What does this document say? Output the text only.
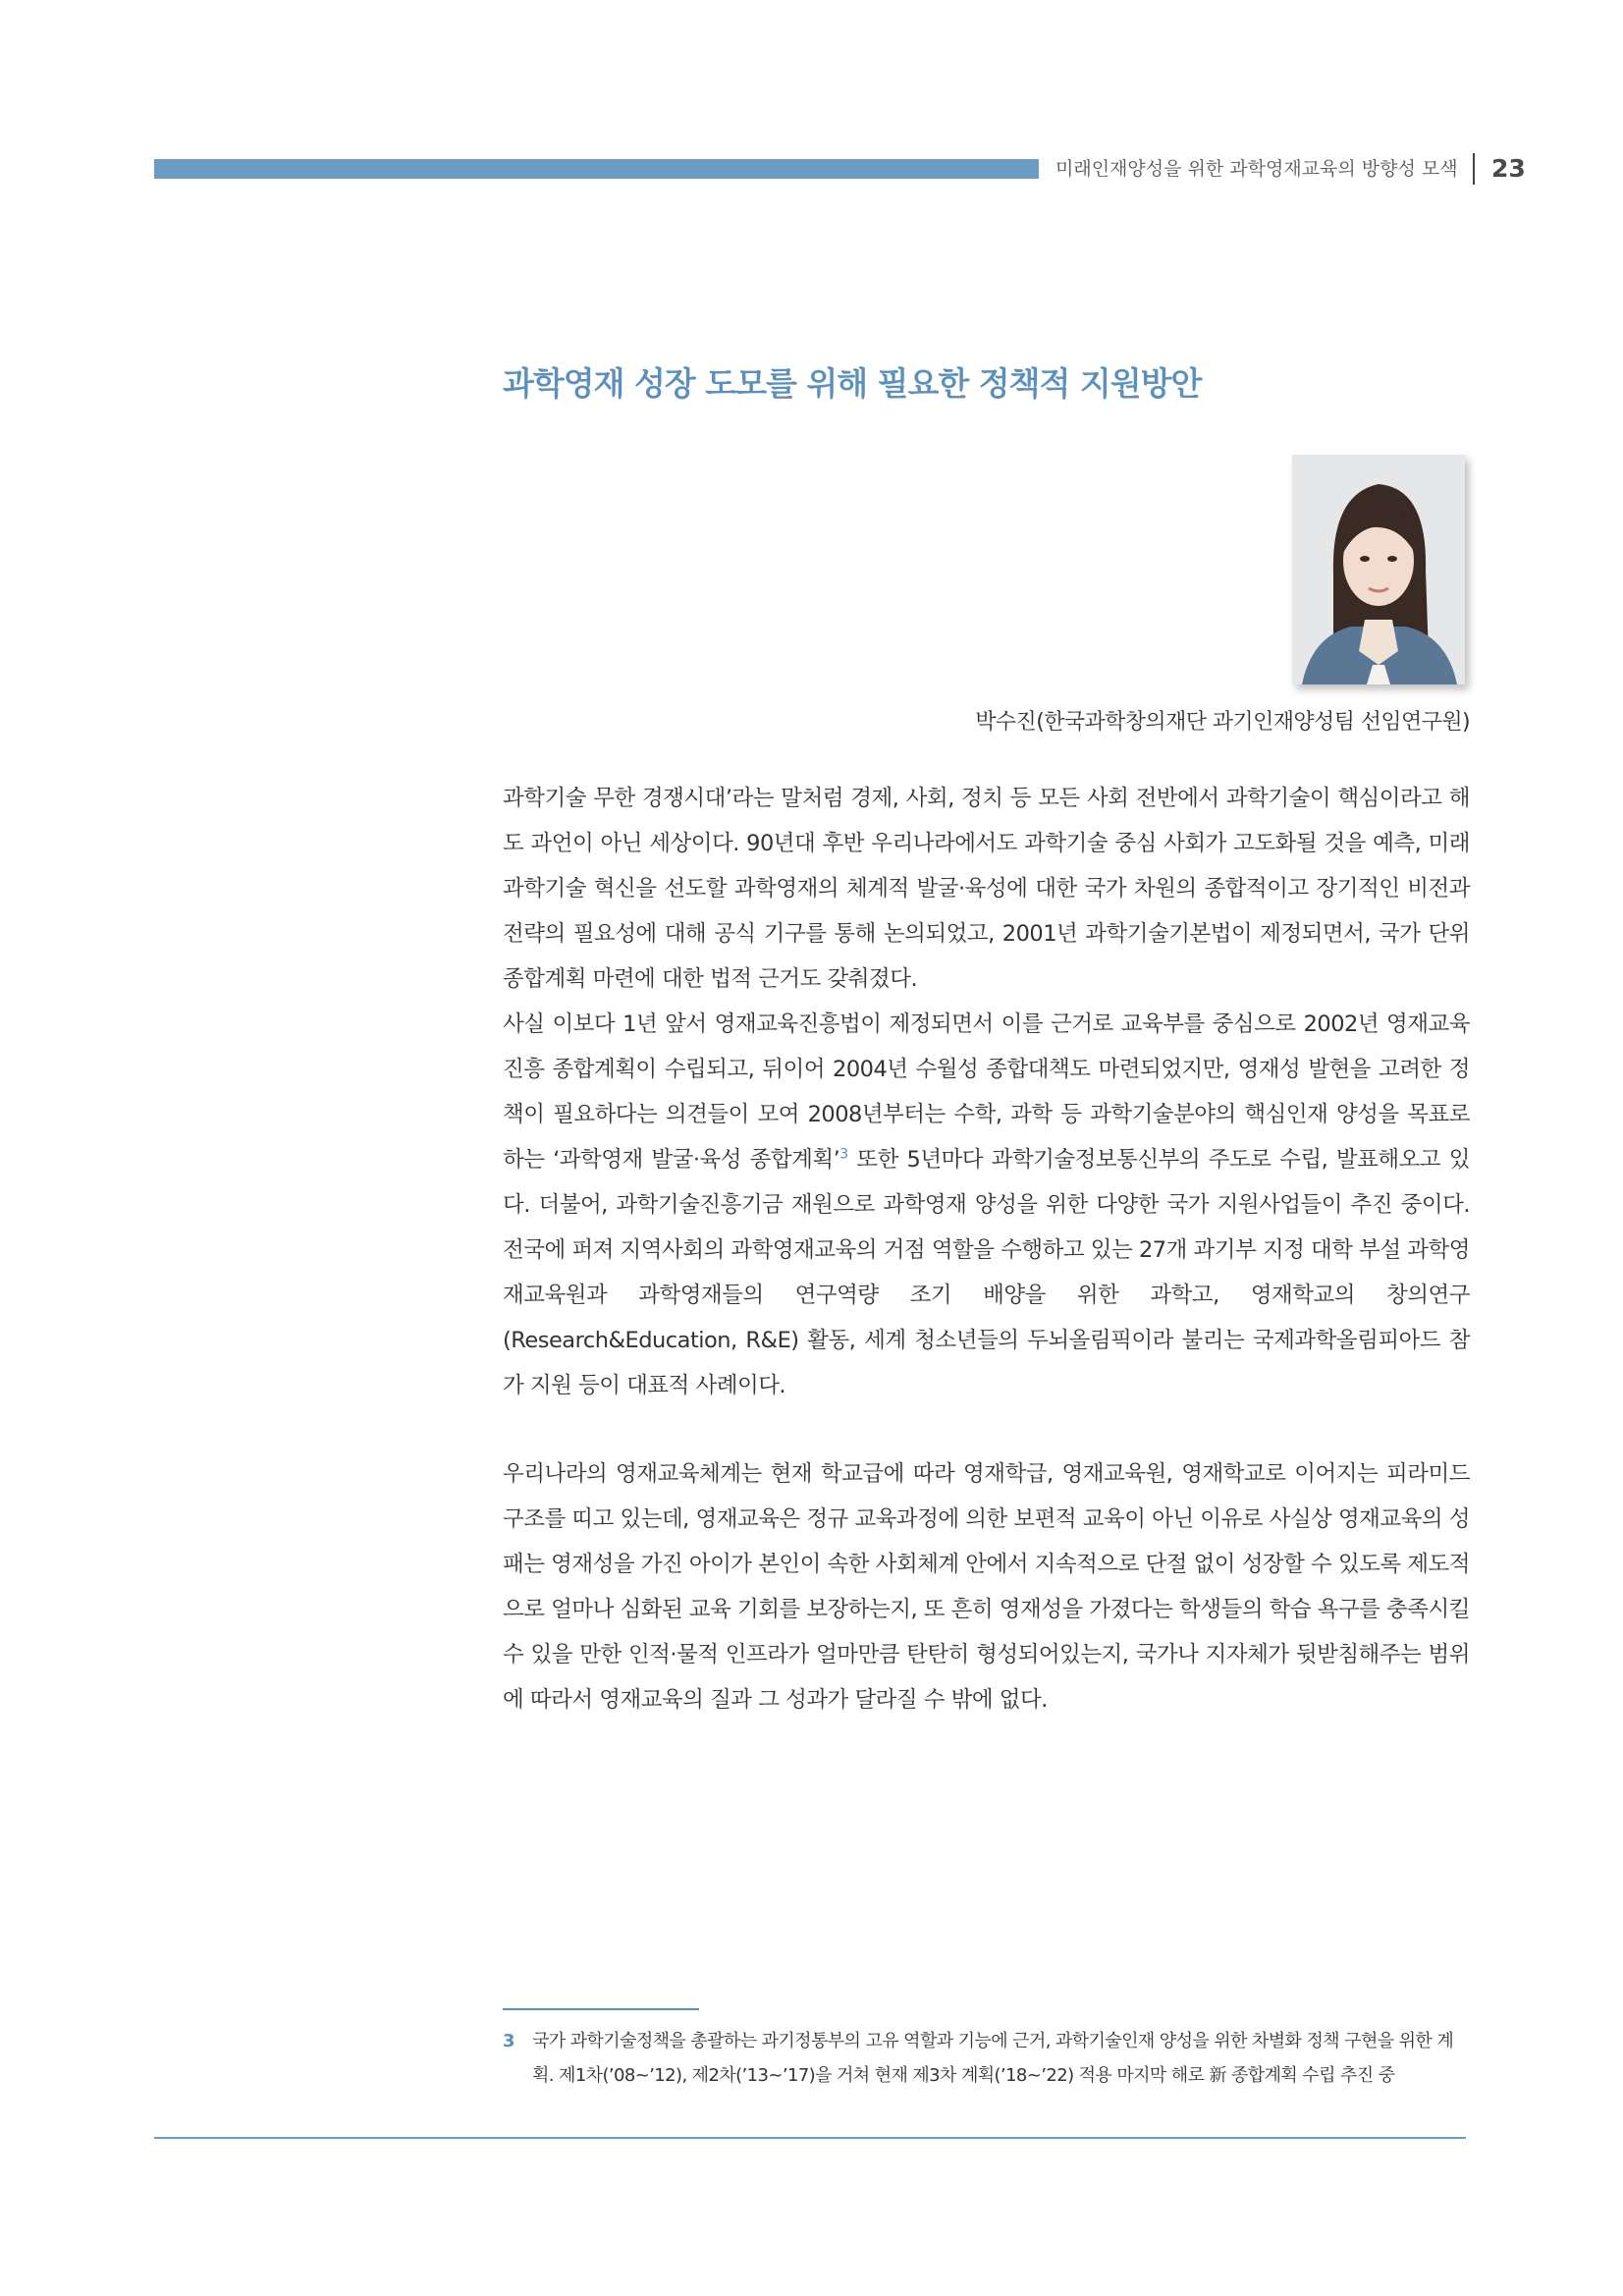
미래인재양성을 위한 과학영재교육의 방향성 모색 23
과학영재 성장 도모를 위해 필요한 정책적 지원방안

박수진(한국과학창의재단 과기인재양성팀 선임연구원)

과학기술 무한 경쟁시대’라는 말처럼 경제, 사회, 정치 등 모든 사회 전반에서 과학기술이 핵심이라고 해도 과언이 아닌 세상이다. 90년대 후반 우리나라에서도 과학기술 중심 사회가 고도화될 것을 예측, 미래 과학기술 혁신을 선도할 과학영재의 체계적 발굴·육성에 대한 국가 차원의 종합적이고 장기적인 비전과 전략의 필요성에 대해 공식 기구를 통해 논의되었고, 2001년 과학기술기본법이 제정되면서, 국가 단위 종합계획 마련에 대한 법적 근거도 갖춰졌다.

사실 이보다 1년 앞서 영재교육진흥법이 제정되면서 이를 근거로 교육부를 중심으로 2002년 영재교육진흥 종합계획이 수립되고, 뒤이어 2004년 수월성 종합대책도 마련되었지만, 영재성 발현을 고려한 정책이 필요하다는 의견들이 모여 2008년부터는 수학, 과학 등 과학기술분야의 핵심인재 양성을 목표로 하는 ‘과학영재 발굴·육성 종합계획’$^3$ 또한 5년마다 과학기술정보통신부의 주도로 수립, 발표해오고 있다. 더불어, 과학기술진흥기금 재원으로 과학영재 양성을 위한 다양한 국가 지원사업들이 추진 중이다. 전국에 퍼져 지역사회의 과학영재교육의 거점 역할을 수행하고 있는 27개 과기부 지정 대학 부설 과학영재교육원과 과학영재들의 연구역량 조기 배양을 위한 과학고, 영재학교의 창의연구(Research&Education, R&E) 활동, 세계 청소년들의 두뇌올림픽이라 불리는 국제과학올림피아드 참가 지원 등이 대표적 사례이다.

우리나라의 영재교육체계는 현재 학교급에 따라 영재학급, 영재교육원, 영재학교로 이어지는 피라미드 구조를 띠고 있는데, 영재교육은 정규 교육과정에 의한 보편적 교육이 아닌 이유로 사실상 영재교육의 성패는 영재성을 가진 아이가 본인이 속한 사회체계 안에서 지속적으로 단절 없이 성장할 수 있도록 제도적으로 얼마나 심화된 교육 기회를 보장하는지, 또 흔히 영재성을 가졌다는 학생들의 학습 욕구를 충족시킬 수 있을 만한 인적·물적 인프라가 얼마만큼 탄탄히 형성되어있는지, 국가나 지자체가 뒷받침해주는 범위에 따라서 영재교육의 질과 그 성과가 달라질 수 밖에 없다.

3 국가 과학기술정책을 총괄하는 과기정통부의 고유 역할과 기능에 근거, 과학기술인재 양성을 위한 차별화 정책 구현을 위한 계획. 제1차(’08~’12), 제2차(’13~’17)을 거쳐 현재 제3차 계획(’18~’22) 적용 마지막 해로 新 종합계획 수립 추진 중
